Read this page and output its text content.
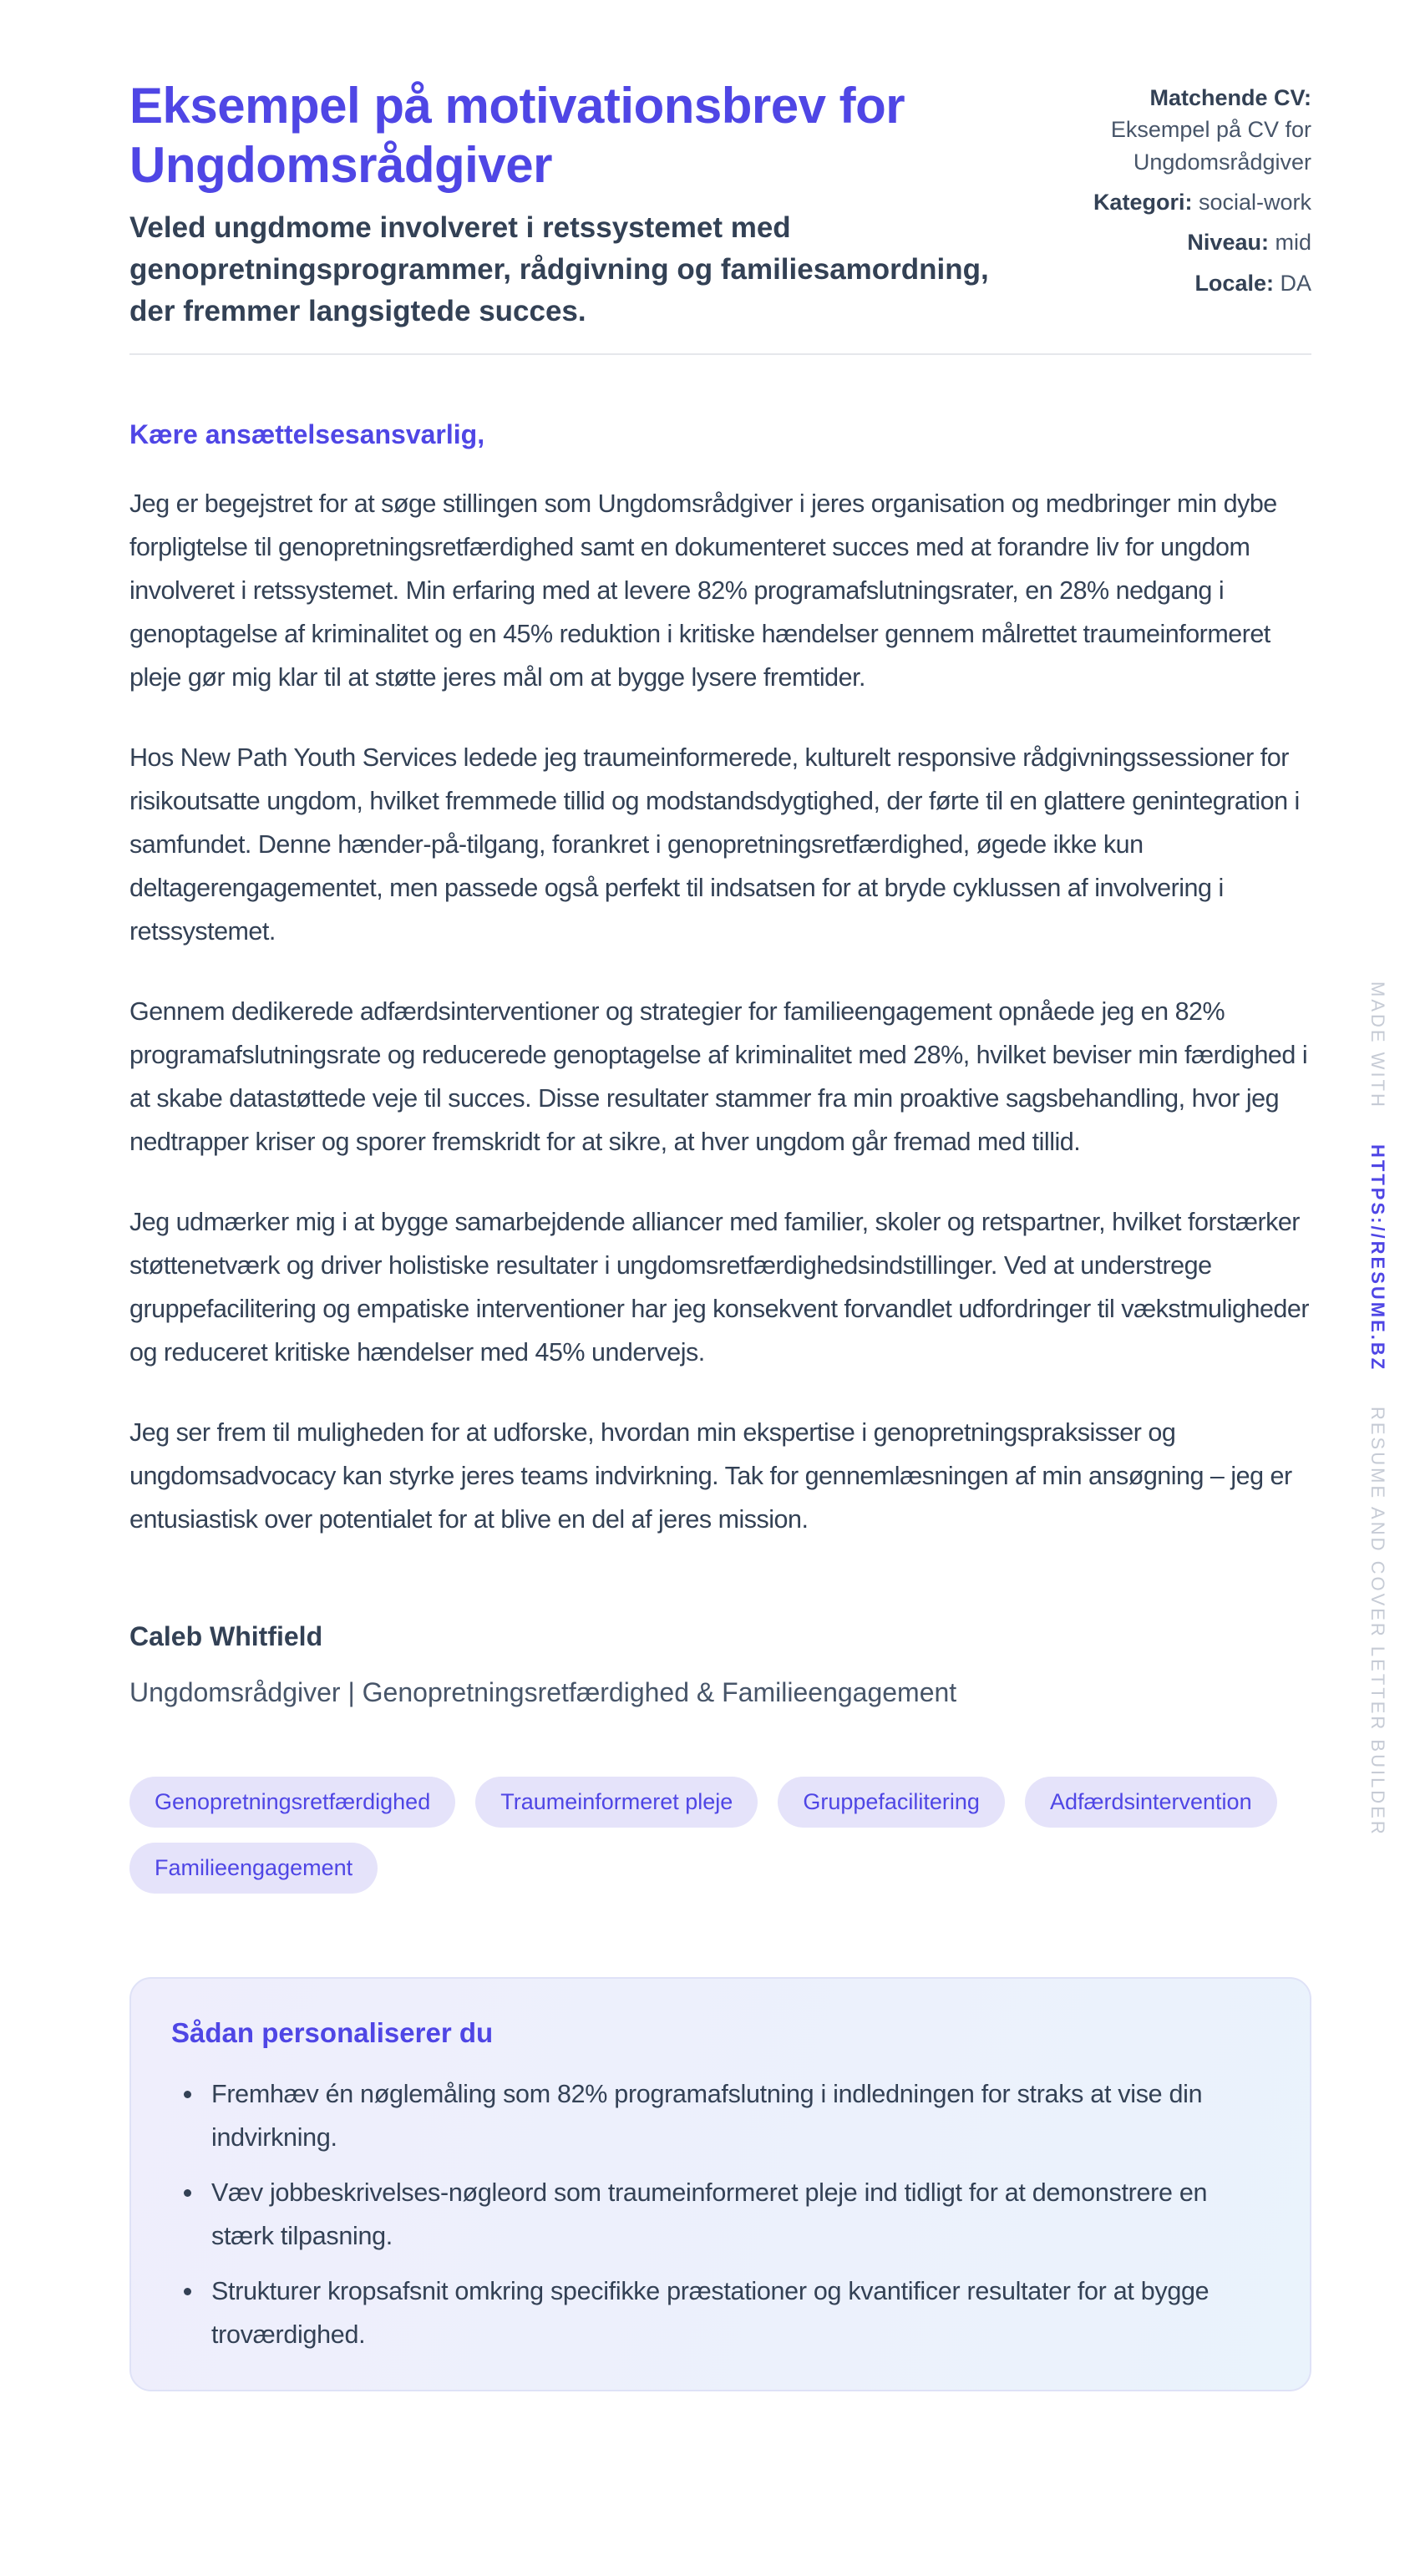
Eksempel på motivationsbrev for Ungdomsrådgiver

Veled ungdmome involveret i retssystemet med genopretningsprogrammer, rådgivning og familiesamordning, der fremmer langsigtede succes.

Matchende CV:
Eksempel på CV for Ungdomsrådgiver
Kategori: social-work
Niveau: mid
Locale: DA

Kære ansættelsesansvarlig,

Jeg er begejstret for at søge stillingen som Ungdomsrådgiver i jeres organisation og medbringer min dybe forpligtelse til genopretningsretfærdighed samt en dokumenteret succes med at forandre liv for ungdom involveret i retssystemet. Min erfaring med at levere 82% programafslutningsrater, en 28% nedgang i genoptagelse af kriminalitet og en 45% reduktion i kritiske hændelser gennem målrettet traumeinformeret pleje gør mig klar til at støtte jeres mål om at bygge lysere fremtider.

Hos New Path Youth Services ledede jeg traumeinformerede, kulturelt responsive rådgivningssessioner for risikoutsatte ungdom, hvilket fremmede tillid og modstandsdygtighed, der førte til en glattere genintegration i samfundet. Denne hænder-på-tilgang, forankret i genopretningsretfærdighed, øgede ikke kun deltagerengagementet, men passede også perfekt til indsatsen for at bryde cyklussen af involvering i retssystemet.

Gennem dedikerede adfærdsinterventioner og strategier for familieengagement opnåede jeg en 82% programafslutningsrate og reducerede genoptagelse af kriminalitet med 28%, hvilket beviser min færdighed i at skabe datastøttede veje til succes. Disse resultater stammer fra min proaktive sagsbehandling, hvor jeg nedtrapper kriser og sporer fremskridt for at sikre, at hver ungdom går fremad med tillid.

Jeg udmærker mig i at bygge samarbejdende alliancer med familier, skoler og retspartner, hvilket forstærker støttenetværk og driver holistiske resultater i ungdomsretfærdighedsindstillinger. Ved at understrege gruppefacilitering og empatiske interventioner har jeg konsekvent forvandlet udfordringer til vækstmuligheder og reduceret kritiske hændelser med 45% undervejs.

Jeg ser frem til muligheden for at udforske, hvordan min ekspertise i genopretningspraksisser og ungdomsadvocacy kan styrke jeres teams indvirkning. Tak for gennemlæsningen af min ansøgning – jeg er entusiastisk over potentialet for at blive en del af jeres mission.

Caleb Whitfield

Ungdomsrådgiver | Genopretningsretfærdighed & Familieengagement

Genopretningsretfærdighed	Traumeinformeret pleje	Gruppefacilitering	Adfærdsintervention
Familieengagement
Sådan personaliserer du
• Fremhæv én nøglemåling som 82% programafslutning i indledningen for straks at vise din indvirkning.
• Væv jobbeskrivelses-nøgleord som traumeinformeret pleje ind tidligt for at demonstrere en stærk tilpasning.
• Strukturer kropsafsnit omkring specifikke præstationer og kvantificer resultater for at bygge troværdighed.
MADE WITH
HTTPS://RESUME.BZ
RESUME AND COVER LETTER BUILDER
